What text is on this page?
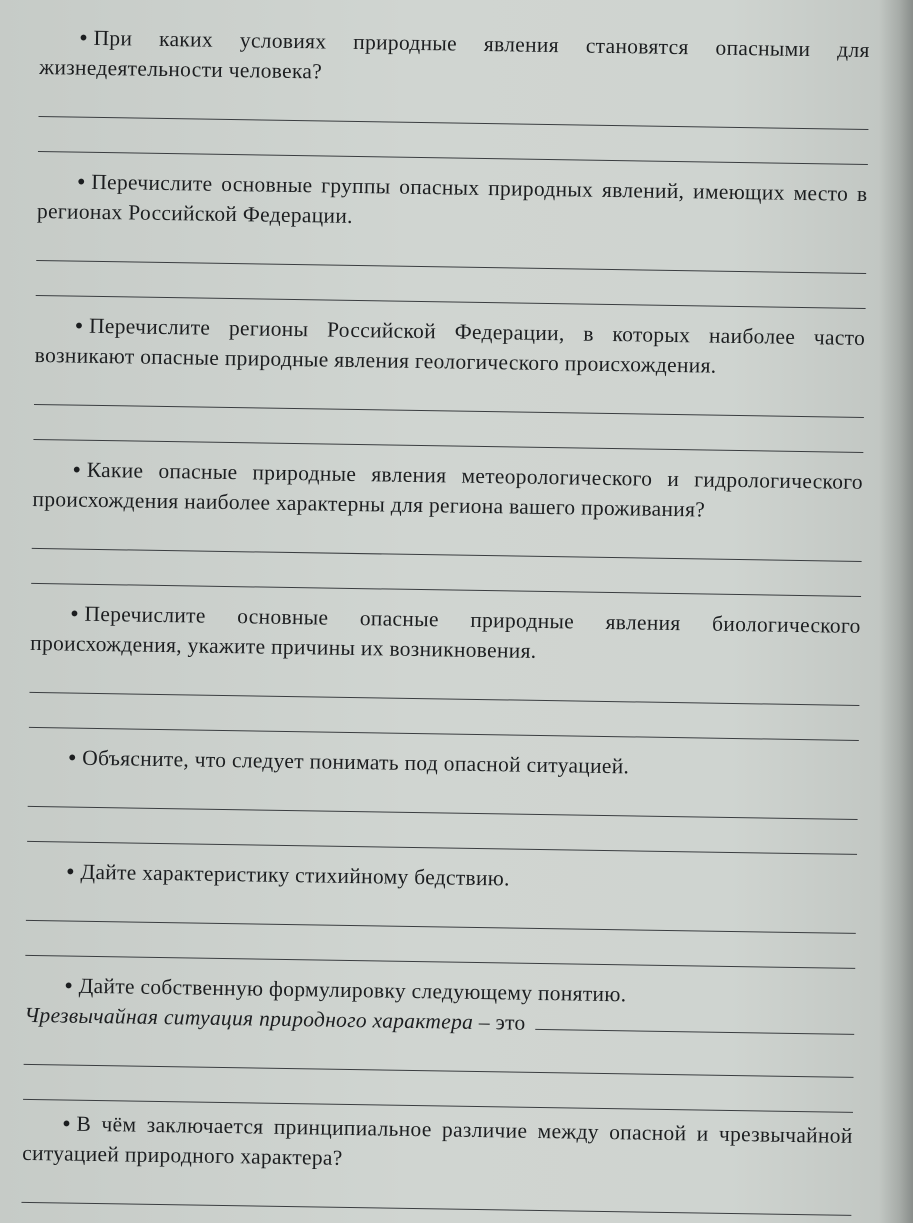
• При каких условиях природные явления становятся опасными для жизнедеятельности человека?

• Перечислите основные группы опасных природных явлений, имеющих место в регионах Российской Федерации.

• Перечислите регионы Российской Федерации, в которых наиболее часто возникают опасные природные явления геологического происхождения.

• Какие опасные природные явления метеорологического и гидрологического происхождения наиболее характерны для региона вашего проживания?

• Перечислите основные опасные природные явления биологического происхождения, укажите причины их возникновения.

• Объясните, что следует понимать под опасной ситуацией.

• Дайте характеристику стихийному бедствию.

• Дайте собственную формулировку следующему понятию.

Чрезвычайная ситуация природного характера – это

• В чём заключается принципиальное различие между опасной и чрезвычайной ситуацией природного характера?
